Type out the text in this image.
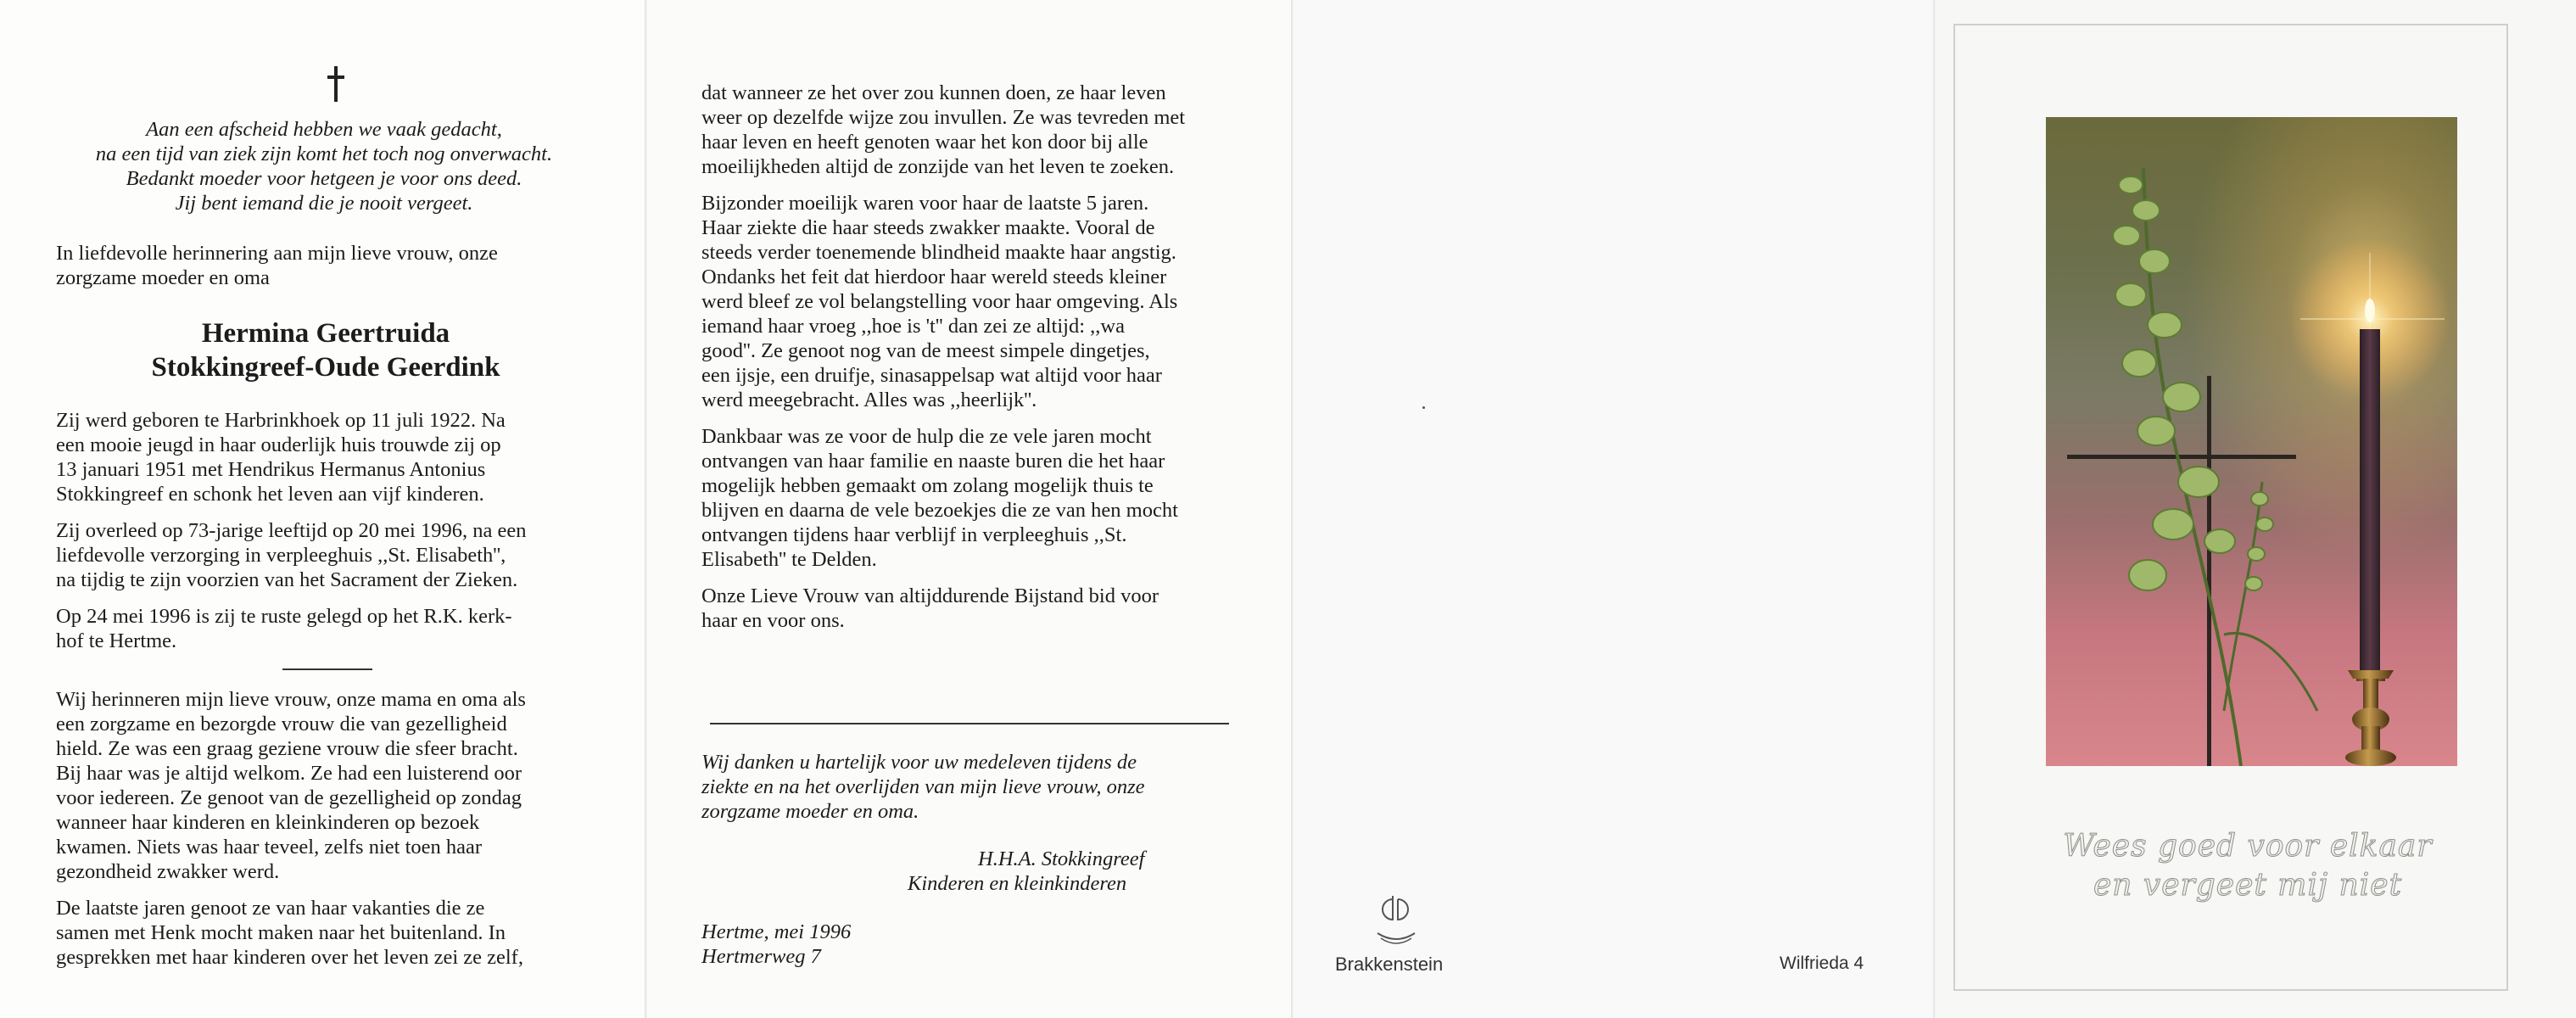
Aan een afscheid hebben we vaak gedacht,
na een tijd van ziek zijn komt het toch nog onverwacht.
Bedankt moeder voor hetgeen je voor ons deed.
Jij bent iemand die je nooit vergeet.
In liefdevolle herinnering aan mijn lieve vrouw, onze
zorgzame moeder en oma
Hermina Geertruida
Stokkingreef-Oude Geerdink

Zij werd geboren te Harbrinkhoek op 11 juli 1922. Na
een mooie jeugd in haar ouderlijk huis trouwde zij op
13 januari 1951 met Hendrikus Hermanus Antonius
Stokkingreef en schonk het leven aan vijf kinderen.

Zij overleed op 73-jarige leeftijd op 20 mei 1996, na een
liefdevolle verzorging in verpleeghuis ,,St. Elisabeth'',
na tijdig te zijn voorzien van het Sacrament der Zieken.

Op 24 mei 1996 is zij te ruste gelegd op het R.K. kerk-
hof te Hertme.

Wij herinneren mijn lieve vrouw, onze mama en oma als
een zorgzame en bezorgde vrouw die van gezelligheid
hield. Ze was een graag geziene vrouw die sfeer bracht.
Bij haar was je altijd welkom. Ze had een luisterend oor
voor iedereen. Ze genoot van de gezelligheid op zondag
wanneer haar kinderen en kleinkinderen op bezoek
kwamen. Niets was haar teveel, zelfs niet toen haar
gezondheid zwakker werd.

De laatste jaren genoot ze van haar vakanties die ze
samen met Henk mocht maken naar het buitenland. In
gesprekken met haar kinderen over het leven zei ze zelf,

dat wanneer ze het over zou kunnen doen, ze haar leven
weer op dezelfde wijze zou invullen. Ze was tevreden met
haar leven en heeft genoten waar het kon door bij alle
moeilijkheden altijd de zonzijde van het leven te zoeken.

Bijzonder moeilijk waren voor haar de laatste 5 jaren.
Haar ziekte die haar steeds zwakker maakte. Vooral de
steeds verder toenemende blindheid maakte haar angstig.
Ondanks het feit dat hierdoor haar wereld steeds kleiner
werd bleef ze vol belangstelling voor haar omgeving. Als
iemand haar vroeg ,,hoe is 't'' dan zei ze altijd: ,,wa
good''. Ze genoot nog van de meest simpele dingetjes,
een ijsje, een druifje, sinasappelsap wat altijd voor haar
werd meegebracht. Alles was ,,heerlijk''.

Dankbaar was ze voor de hulp die ze vele jaren mocht
ontvangen van haar familie en naaste buren die het haar
mogelijk hebben gemaakt om zolang mogelijk thuis te
blijven en daarna de vele bezoekjes die ze van hen mocht
ontvangen tijdens haar verblijf in verpleeghuis ,,St.
Elisabeth'' te Delden.

Onze Lieve Vrouw van altijddurende Bijstand bid voor
haar en voor ons.

Wij danken u hartelijk voor uw medeleven tijdens de
ziekte en na het overlijden van mijn lieve vrouw, onze
zorgzame moeder en oma.
H.H.A. Stokkingreef
Kinderen en kleinkinderen
Hertme, mei 1996
Hertmerweg 7	Brakkenstein	Wilfrieda 4
Wees goed voor elkaar
en vergeet mij niet
